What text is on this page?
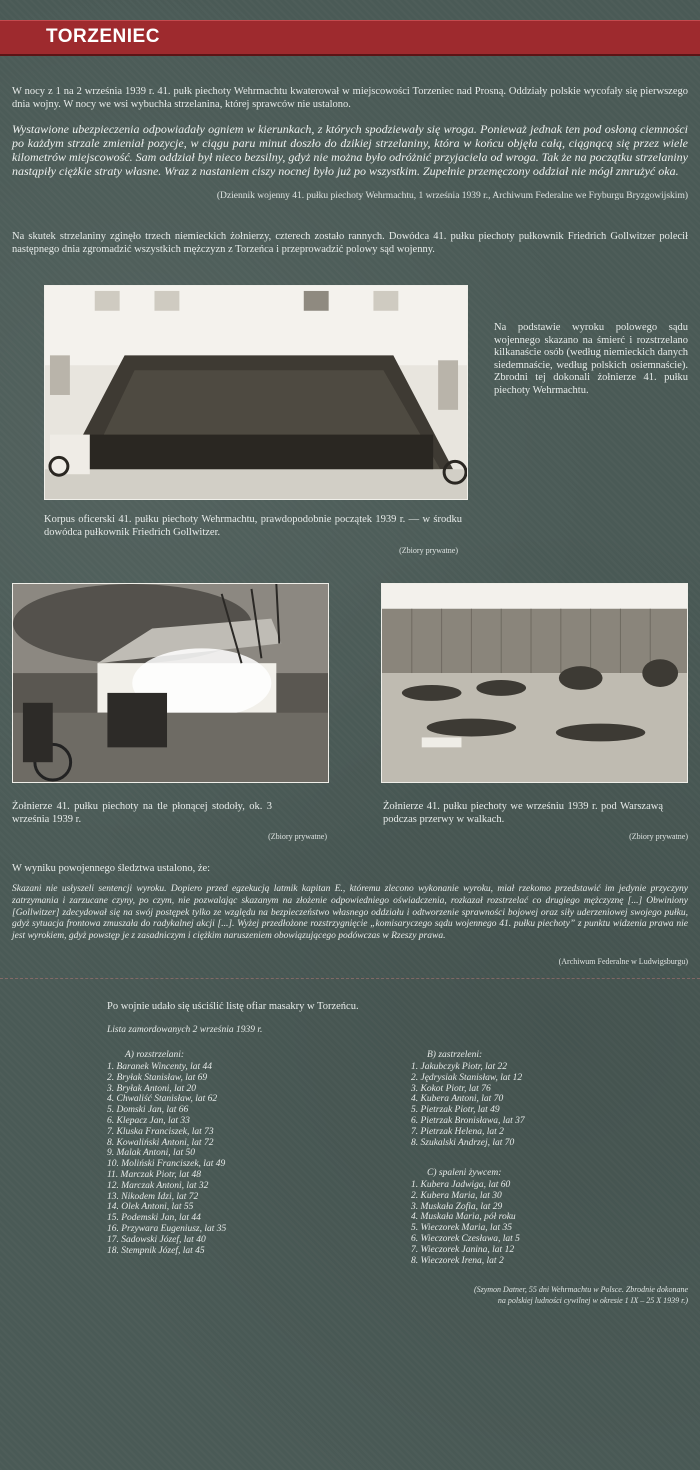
TORZENIEC

W nocy z 1 na 2 września 1939 r. 41. pułk piechoty Wehrmachtu kwaterował w miejscowości Torzeniec nad Prosną. Oddziały polskie wycofały się pierwszego dnia wojny. W nocy we wsi wybuchła strzelanina, której sprawców nie ustalono.

Wystawione ubezpieczenia odpowiadały ogniem w kierunkach, z których spodziewały się wroga. Ponieważ jednak ten pod osłoną ciemności po każdym strzale zmieniał pozycje, w ciągu paru minut doszło do dzikiej strzelaniny, która w końcu objęła całą, ciągnącą się przez wiele kilometrów miejscowość. Sam oddział był nieco bezsilny, gdyż nie można było odróżnić przyjaciela od wroga. Tak że na początku strzelaniny nastąpiły ciężkie straty własne. Wraz z nastaniem ciszy nocnej było już po wszystkim. Zupełnie przemęczony oddział nie mógł zmrużyć oka.

(Dziennik wojenny 41. pułku piechoty Wehrmachtu, 1 września 1939 r., Archiwum Federalne we Fryburgu Bryzgowijskim)

Na skutek strzelaniny zginęło trzech niemieckich żołnierzy, czterech zostało rannych. Dowódca 41. pułku piechoty pułkownik Friedrich Gollwitzer polecił następnego dnia zgromadzić wszystkich mężczyzn z Torzeńca i przeprowadzić polowy sąd wojenny.

Na podstawie wyroku polowego sądu wojennego skazano na śmierć i rozstrzelano kilkanaście osób (według niemieckich danych siedemnaście, według polskich osiemnaście). Zbrodni tej dokonali żołnierze 41. pułku piechoty Wehrmachtu.

Korpus oficerski 41. pułku piechoty Wehrmachtu, prawdopodobnie początek 1939 r. — w środku dowódca pułkownik Friedrich Gollwitzer.

(Zbiory prywatne)

Żołnierze 41. pułku piechoty na tle płonącej stodoły, ok. 3 września 1939 r.

(Zbiory prywatne)

Żołnierze 41. pułku piechoty we wrześniu 1939 r. pod Warszawą podczas przerwy w walkach.

(Zbiory prywatne)

W wyniku powojennego śledztwa ustalono, że:

Skazani nie usłyszeli sentencji wyroku. Dopiero przed egzekucją latmik kapitan E., któremu zlecono wykonanie wyroku, miał rzekomo przedstawić im jedynie przyczyny zatrzymania i zarzucane czyny, po czym, nie pozwalając skazanym na złożenie odpowiedniego oświadczenia, rozkazał rozstrzelać co drugiego mężczyznę [...] Obwiniony [Gollwitzer] zdecydował się na swój postępek tylko ze względu na bezpieczeństwo własnego oddziału i odtworzenie sprawności bojowej oraz siły uderzeniowej swojego pułku, gdyż sytuacja frontowa zmuszała do radykalnej akcji [...]. Wyżej przedłożone rozstrzygnięcie „komisaryczego sądu wojennego 41. pułku piechoty” z punktu widzenia prawa nie jest wyrokiem, gdyż powstęp je z zasadniczym i ciężkim naruszeniem obowiązującego podówczas w Rzeszy prawa.

(Archiwum Federalne w Ludwigsburgu)

Po wojnie udało się uściślić listę ofiar masakry w Torzeńcu.

Lista zamordowanych 2 września 1939 r.

A) rozstrzelani:

1. Baranek Wincenty, lat 44
2. Bryłak Stanisław, lat 69
3. Bryłak Antoni, lat 20
4. Chwaliść Stanisław, lat 62
5. Domski Jan, lat 66
6. Klepacz Jan, lat 33
7. Kluska Franciszek, lat 73
8. Kowaliński Antoni, lat 72
9. Malak Antoni, lat 50
10. Moliński Franciszek, lat 49
11. Marczak Piotr, lat 48
12. Marczak Antoni, lat 32
13. Nikodem Idzi, lat 72
14. Olek Antoni, lat 55
15. Podemski Jan, lat 44
16. Przywara Eugeniusz, lat 35
17. Sadowski Józef, lat 40
18. Stempnik Józef, lat 45

B) zastrzeleni:

1. Jakubczyk Piotr, lat 22
2. Jędrysiak Stanisław, lat 12
3. Kokot Piotr, lat 76
4. Kubera Antoni, lat 70
5. Pietrzak Piotr, lat 49
6. Pietrzak Bronisława, lat 37
7. Pietrzak Helena, lat 2
8. Szukalski Andrzej, lat 70

C) spaleni żywcem:

1. Kubera Jadwiga, lat 60
2. Kubera Maria, lat 30
3. Muskała Zofia, lat 29
4. Muskała Maria, pół roku
5. Wieczorek Maria, lat 35
6. Wieczorek Czesława, lat 5
7. Wieczorek Janina, lat 12
8. Wieczorek Irena, lat 2

(Szymon Datner, 55 dni Wehrmachtu w Polsce. Zbrodnie dokonane

na polskiej ludności cywilnej w okresie 1 IX – 25 X 1939 r.)
